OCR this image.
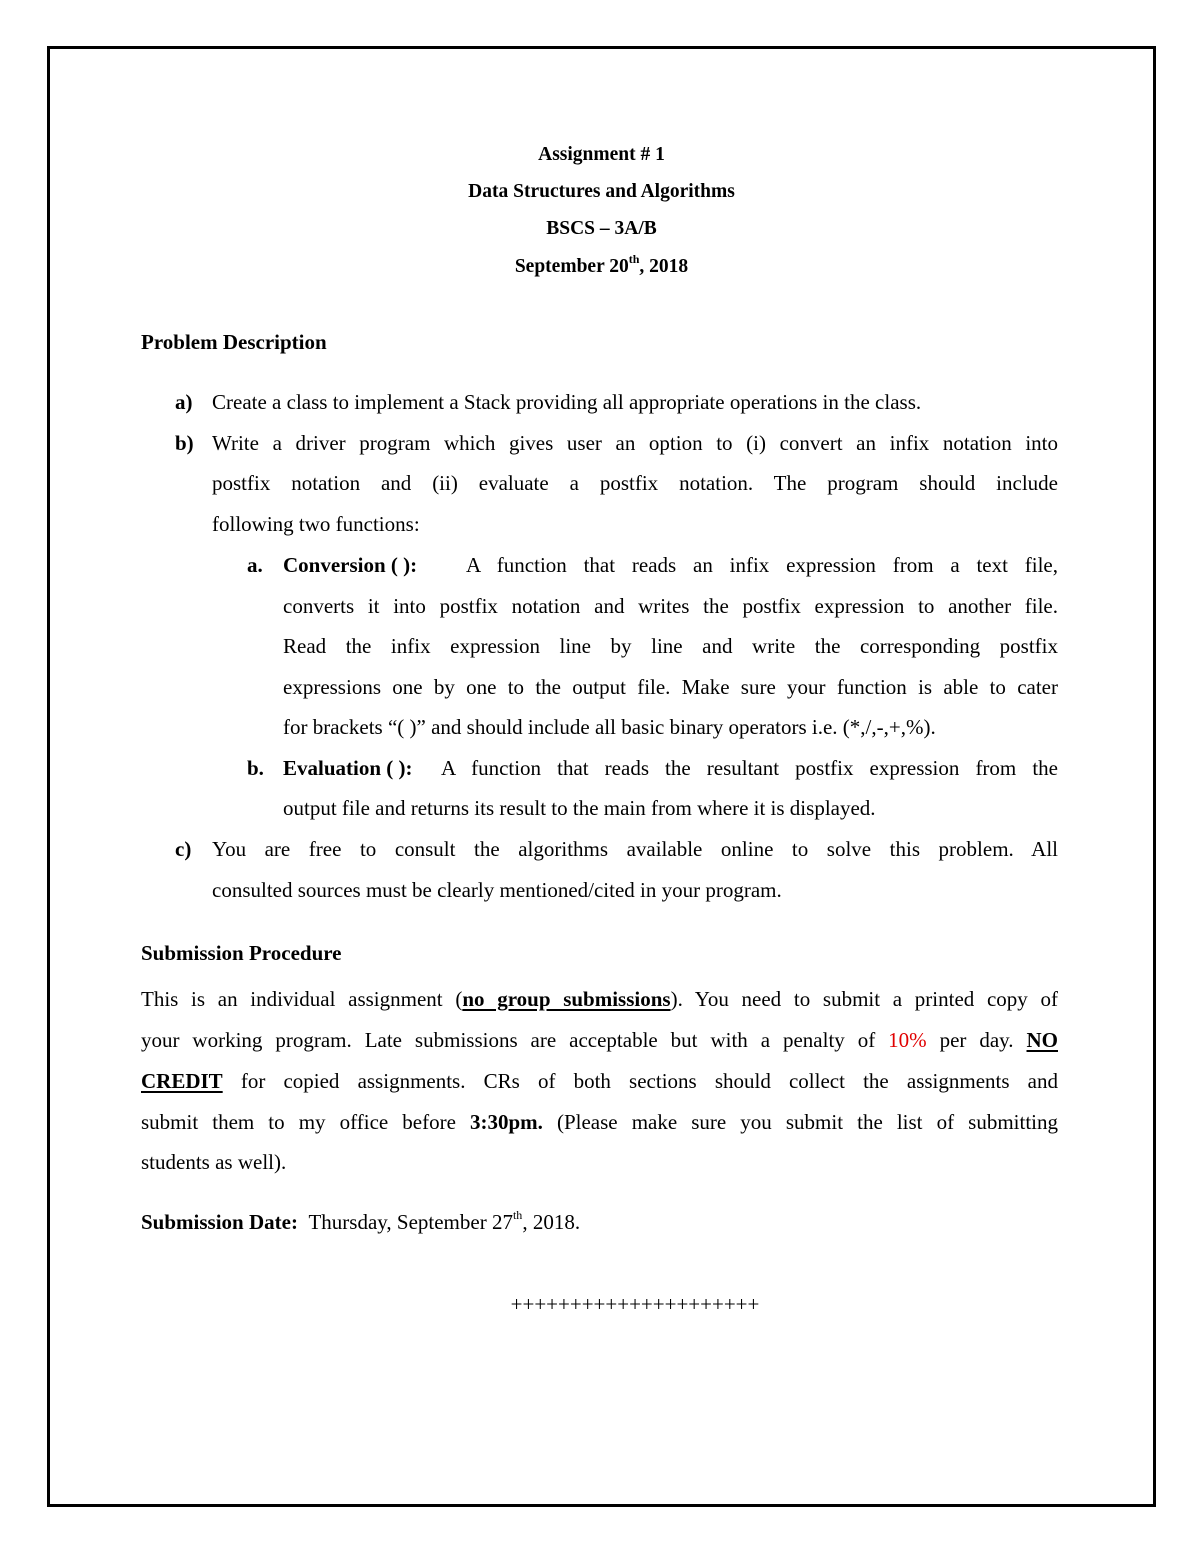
Assignment # 1
Data Structures and Algorithms
BSCS – 3A/B
September 20th, 2018
Problem Description
a) Create a class to implement a Stack providing all appropriate operations in the class.
b) Write a driver program which gives user an option to (i) convert an infix notation into
postfix notation and (ii) evaluate a postfix notation. The program should include
following two functions:
a. Conversion ( ): A function that reads an infix expression from a text file,
converts it into postfix notation and writes the postfix expression to another file.
Read the infix expression line by line and write the corresponding postfix
expressions one by one to the output file. Make sure your function is able to cater
for brackets “( )” and should include all basic binary operators i.e. (*,/,-,+,%).
b. Evaluation ( ): A function that reads the resultant postfix expression from the
output file and returns its result to the main from where it is displayed.
c) You are free to consult the algorithms available online to solve this problem. All
consulted sources must be clearly mentioned/cited in your program.
Submission Procedure
This is an individual assignment (no group submissions). You need to submit a printed copy of
your working program. Late submissions are acceptable but with a penalty of 10% per day. NO
CREDIT for copied assignments. CRs of both sections should collect the assignments and
submit them to my office before 3:30pm. (Please make sure you submit the list of submitting
students as well).
Submission Date: Thursday, September 27th, 2018.
+++++++++++++++++++++
